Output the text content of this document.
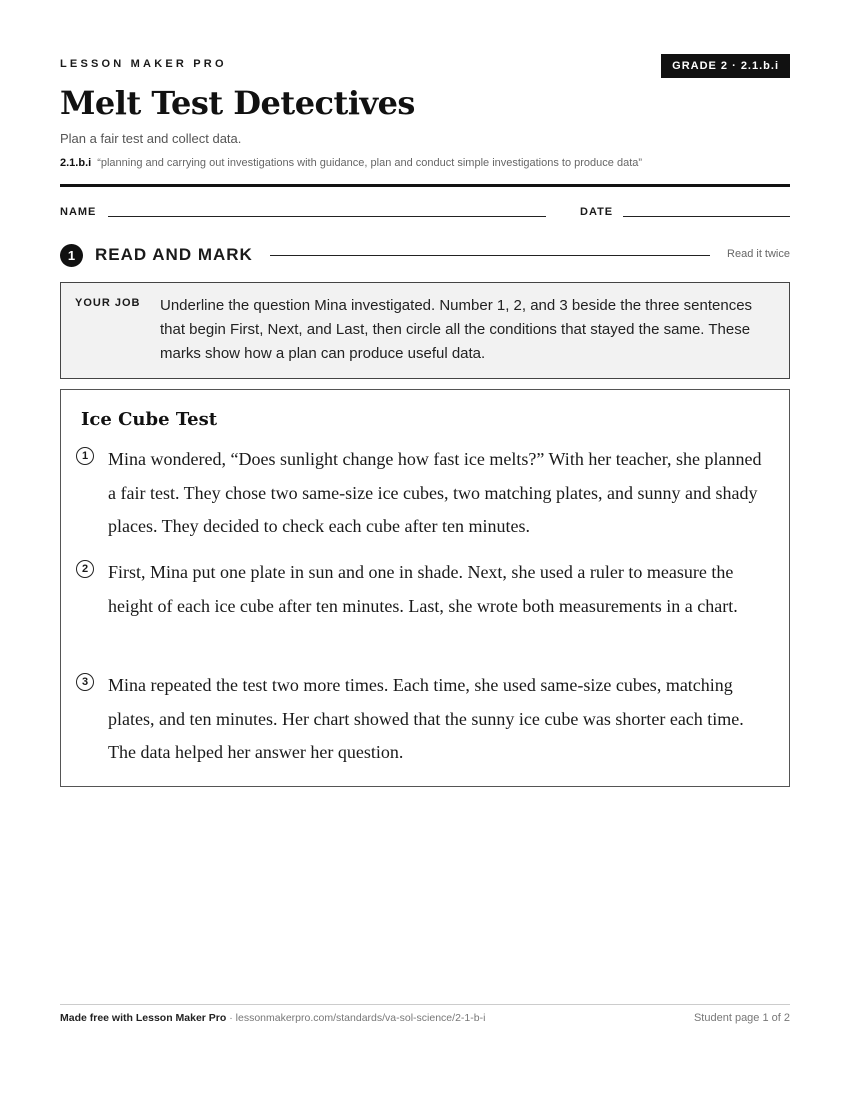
LESSON MAKER PRO	GRADE 2 · 2.1.b.i
Melt Test Detectives
Plan a fair test and collect data.
2.1.b.i “planning and carrying out investigations with guidance, plan and conduct simple investigations to produce data”
NAME	DATE
1	READ AND MARK	Read it twice
YOUR JOB Underline the question Mina investigated. Number 1, 2, and 3 beside the three sentences that begin First, Next, and Last, then circle all the conditions that stayed the same. These marks show how a plan can produce useful data.
Ice Cube Test
1	Mina wondered, “Does sunlight change how fast ice melts?” With her teacher, she planned a fair test. They chose two same-size ice cubes, two matching plates, and sunny and shady places. They decided to check each cube after ten minutes.
2	First, Mina put one plate in sun and one in shade. Next, she used a ruler to measure the height of each ice cube after ten minutes. Last, she wrote both measurements in a chart.
3	Mina repeated the test two more times. Each time, she used same-size cubes, matching plates, and ten minutes. Her chart showed that the sunny ice cube was shorter each time. The data helped her answer her question.
Made free with Lesson Maker Pro · lessonmakerpro.com/standards/va-sol-science/2-1-b-i	Student page 1 of 2
